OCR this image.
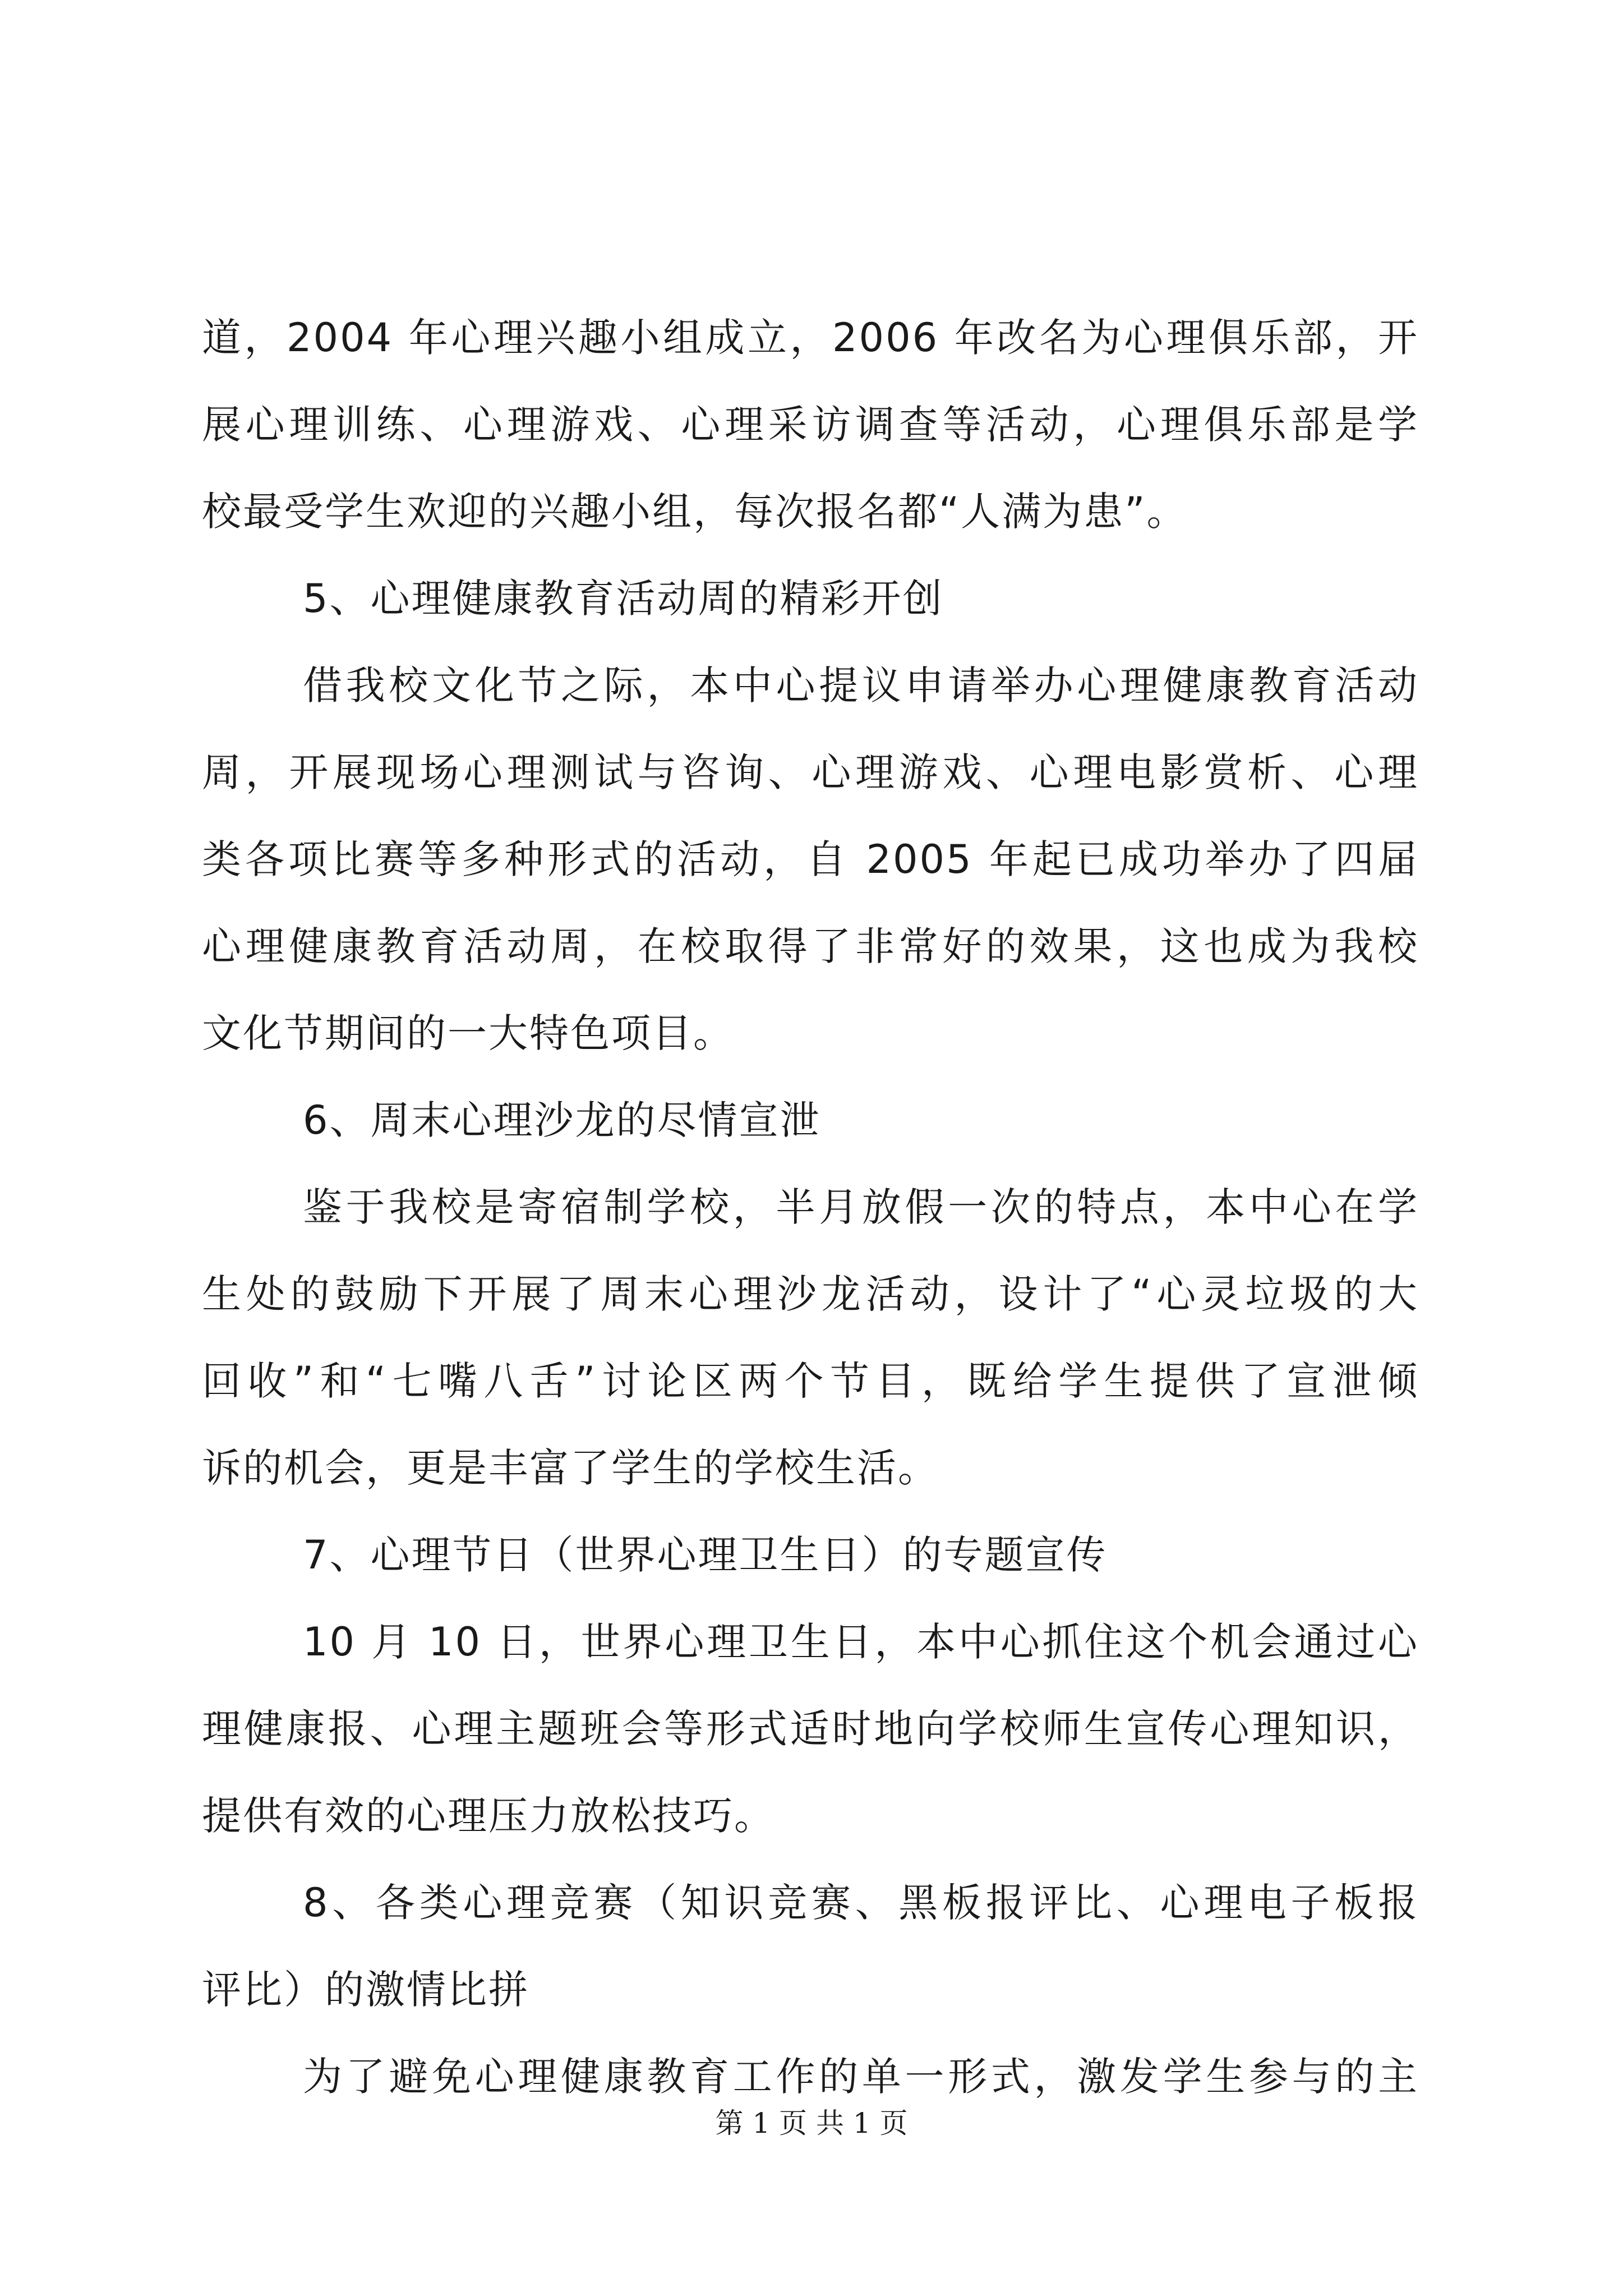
道，2004 年心理兴趣小组成立，2006 年改名为心理俱乐部，开
展心理训练、心理游戏、心理采访调查等活动，心理俱乐部是学
校最受学生欢迎的兴趣小组，每次报名都“人满为患”。
5、心理健康教育活动周的精彩开创
借我校文化节之际，本中心提议申请举办心理健康教育活动
周，开展现场心理测试与咨询、心理游戏、心理电影赏析、心理
类各项比赛等多种形式的活动，自 2005 年起已成功举办了四届
心理健康教育活动周，在校取得了非常好的效果，这也成为我校
文化节期间的一大特色项目。
6、周末心理沙龙的尽情宣泄
鉴于我校是寄宿制学校，半月放假一次的特点，本中心在学
生处的鼓励下开展了周末心理沙龙活动，设计了“心灵垃圾的大
回收”和“七嘴八舌”讨论区两个节目，既给学生提供了宣泄倾
诉的机会，更是丰富了学生的学校生活。
7、心理节日（世界心理卫生日）的专题宣传
10 月 10 日，世界心理卫生日，本中心抓住这个机会通过心
理健康报、心理主题班会等形式适时地向学校师生宣传心理知识，
提供有效的心理压力放松技巧。
8、各类心理竞赛（知识竞赛、黑板报评比、心理电子板报
评比）的激情比拼
为了避免心理健康教育工作的单一形式，激发学生参与的主
第 1 页 共 1 页
